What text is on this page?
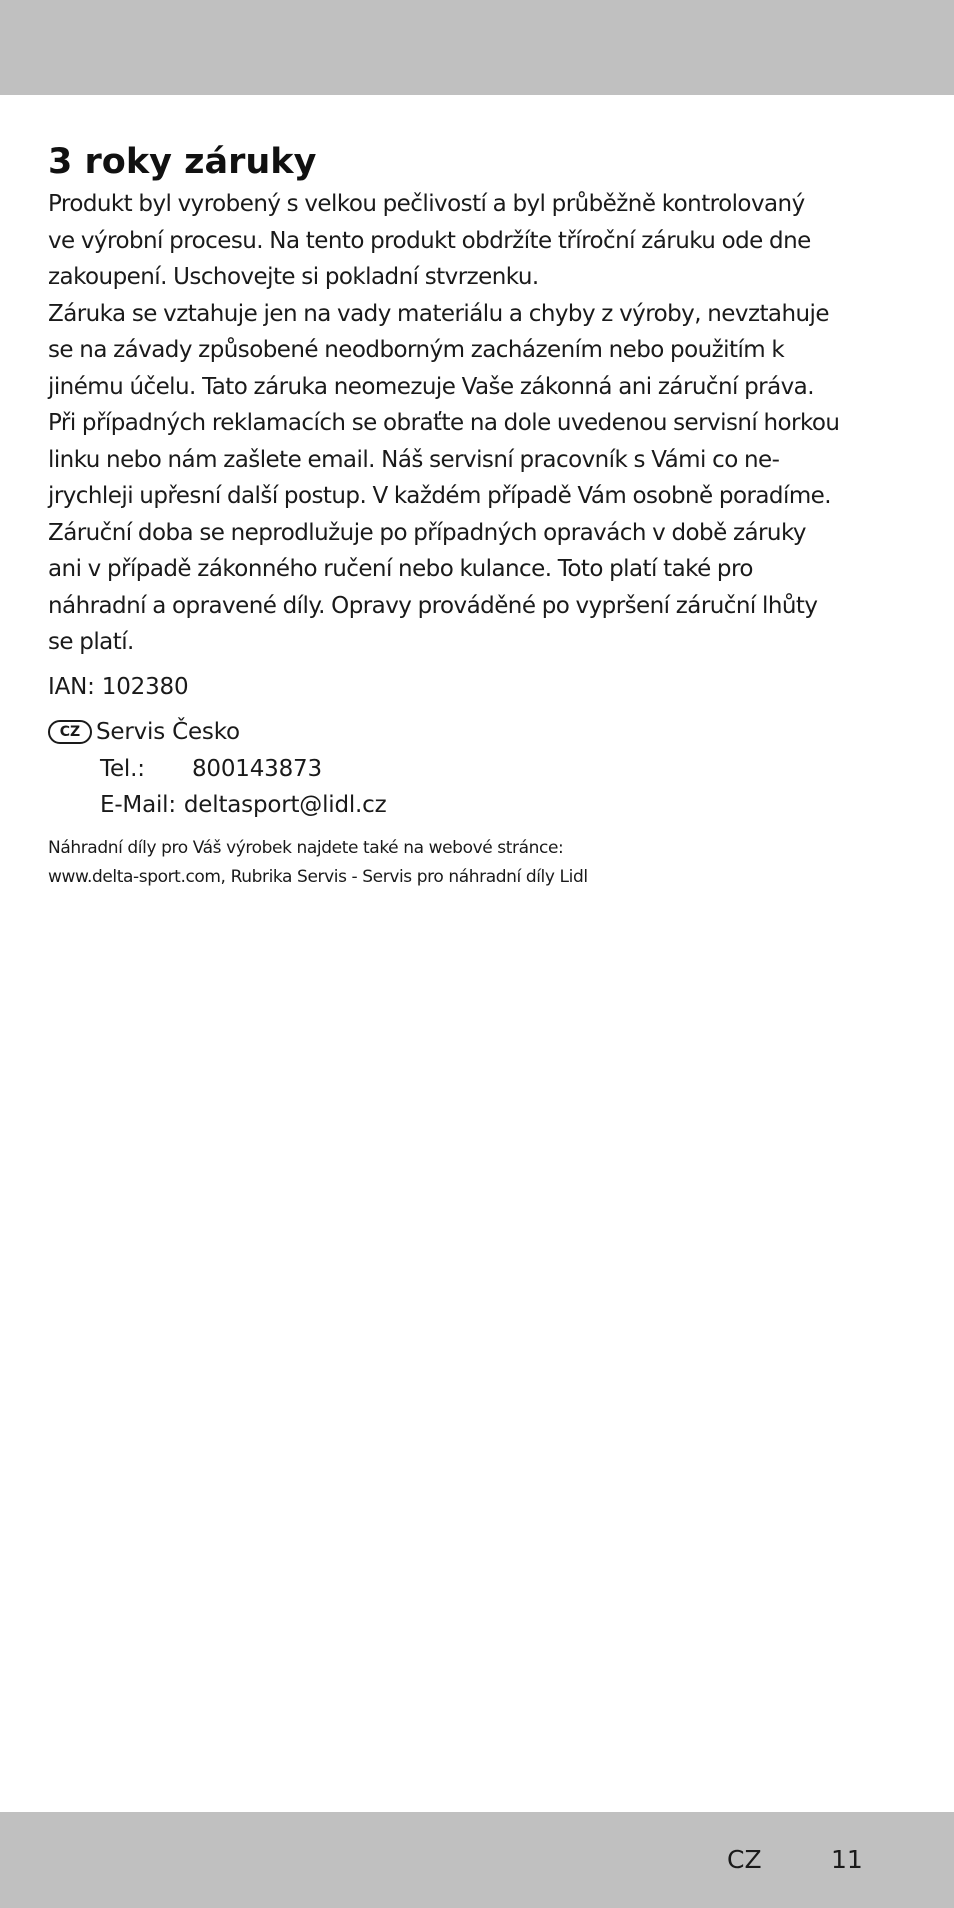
3 roky záruky
Produkt byl vyrobený s velkou pečlivostí a byl průběžně kontrolovaný
ve výrobní procesu. Na tento produkt obdržíte tříroční záruku ode dne
zakoupení. Uschovejte si pokladní stvrzenku.
Záruka se vztahuje jen na vady materiálu a chyby z výroby, nevztahuje
se na závady způsobené neodborným zacházením nebo použitím k
jinému účelu. Tato záruka neomezuje Vaše zákonná ani záruční práva.
Při případných reklamacích se obraťte na dole uvedenou servisní horkou
linku nebo nám zašlete email. Náš servisní pracovník s Vámi co ne-
jrychleji upřesní další postup. V každém případě Vám osobně poradíme.
Záruční doba se neprodlužuje po případných opravách v době záruky
ani v případě zákonného ručení nebo kulance. Toto platí také pro
náhradní a opravené díly. Opravy prováděné po vypršení záruční lhůty
se platí.
IAN: 102380
CZ Servis Česko
Tel.:	800143873
E-Mail: deltasport@lidl.cz
Náhradní díly pro Váš výrobek najdete také na webové stránce:
www.delta-sport.com, Rubrika Servis - Servis pro náhradní díly Lidl
CZ	11
